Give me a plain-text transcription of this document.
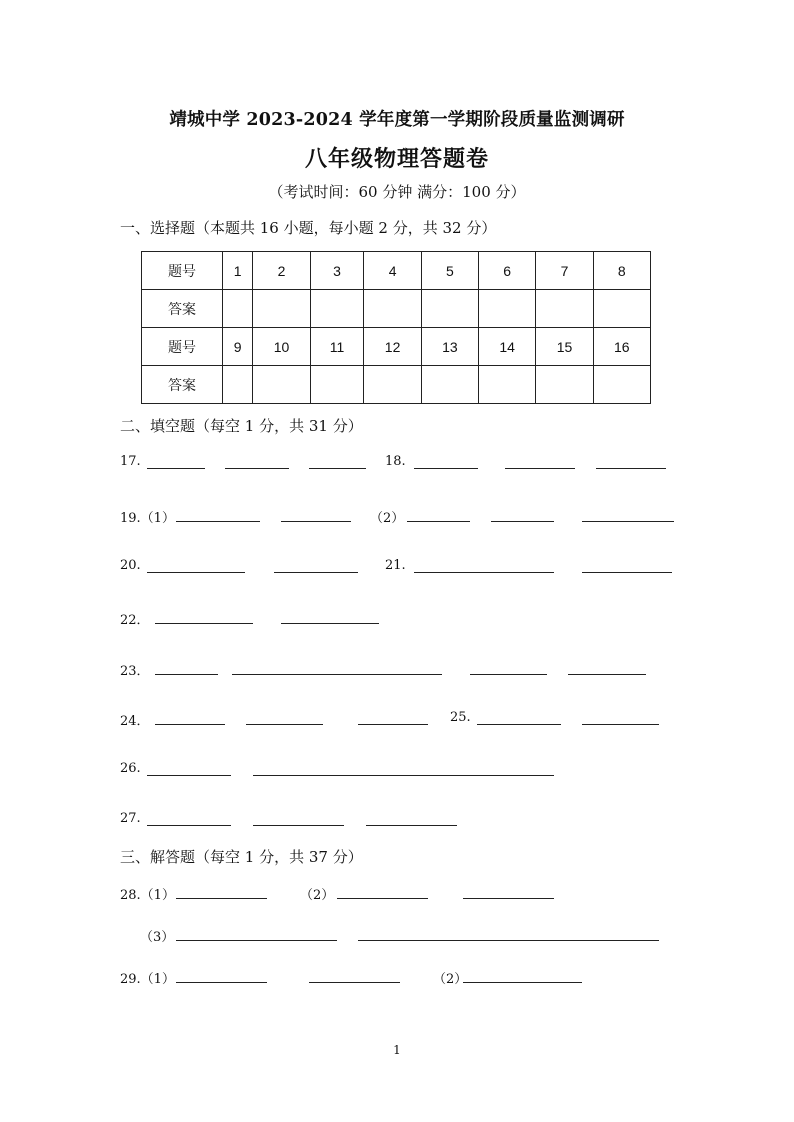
靖城中学 2023-2024 学年度第一学期阶段质量监测调研
八年级物理答题卷
（考试时间：60 分钟 满分：100 分）
一、选择题（本题共 16 小题，每小题 2 分，共 32 分）
题号	1	2	3	4	5	6	7	8
答案								
题号	9	10	11	12	13	14	15	16
答案								
二、填空题（每空 1 分，共 31 分）
17.	18.
19.（1）	（2）
20.	21.
22．
23．
24．	25.
26.
27.
三、解答题（每空 1 分，共 37 分）
28.（1）	（2）
（3）
29.（1）	（2）
1
